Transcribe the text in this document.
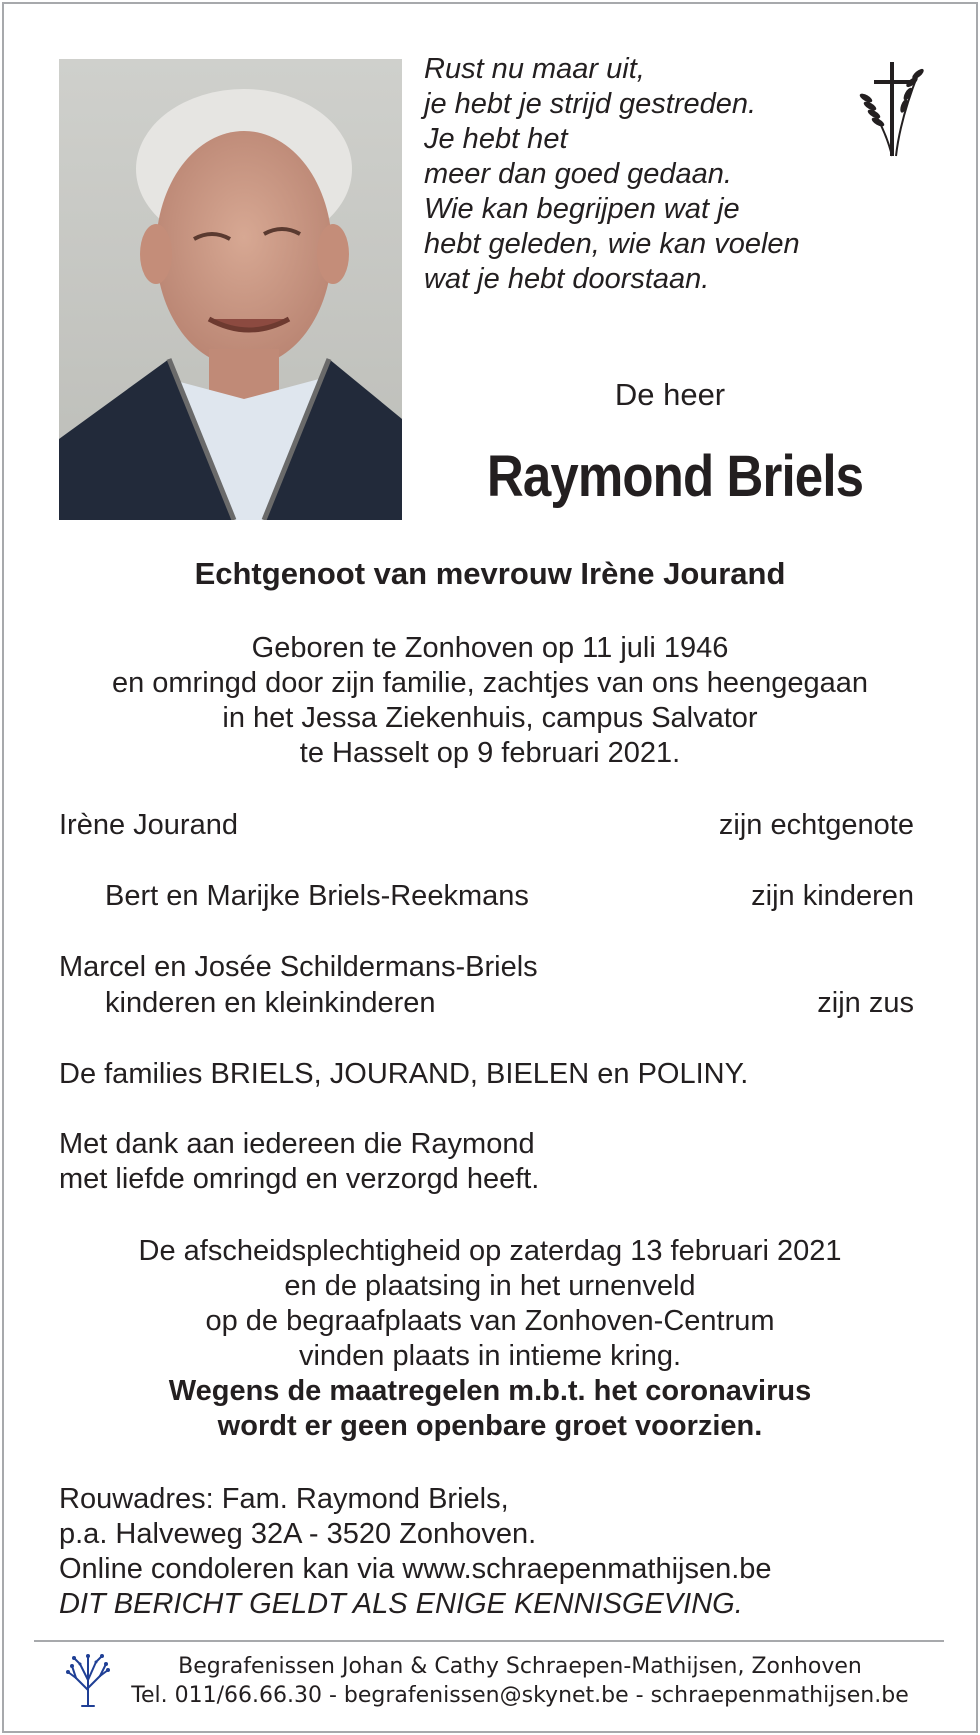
Rust nu maar uit,
je hebt je strijd gestreden.
Je hebt het
meer dan goed gedaan.
Wie kan begrijpen wat je
hebt geleden, wie kan voelen
wat je hebt doorstaan.
De heer
Raymond Briels
Echtgenoot van mevrouw Irène Jourand
Geboren te Zonhoven op 11 juli 1946
en omringd door zijn familie, zachtjes van ons heengegaan
in het Jessa Ziekenhuis, campus Salvator
te Hasselt op 9 februari 2021.
Irène Jourand	zijn echtgenote
Bert en Marijke Briels-Reekmans	zijn kinderen
Marcel en Josée Schildermans-Briels
kinderen en kleinkinderen	zijn zus
De families BRIELS, JOURAND, BIELEN en POLINY.
Met dank aan iedereen die Raymond
met liefde omringd en verzorgd heeft.
De afscheidsplechtigheid op zaterdag 13 februari 2021
en de plaatsing in het urnenveld
op de begraafplaats van Zonhoven-Centrum
vinden plaats in intieme kring.
Wegens de maatregelen m.b.t. het coronavirus
wordt er geen openbare groet voorzien.
Rouwadres: Fam. Raymond Briels,
p.a. Halveweg 32A - 3520 Zonhoven.
Online condoleren kan via www.schraepenmathijsen.be
DIT BERICHT GELDT ALS ENIGE KENNISGEVING.
Begrafenissen Johan & Cathy Schraepen-Mathijsen, Zonhoven
Tel. 011/66.66.30 - begrafenissen@skynet.be - schraepenmathijsen.be
